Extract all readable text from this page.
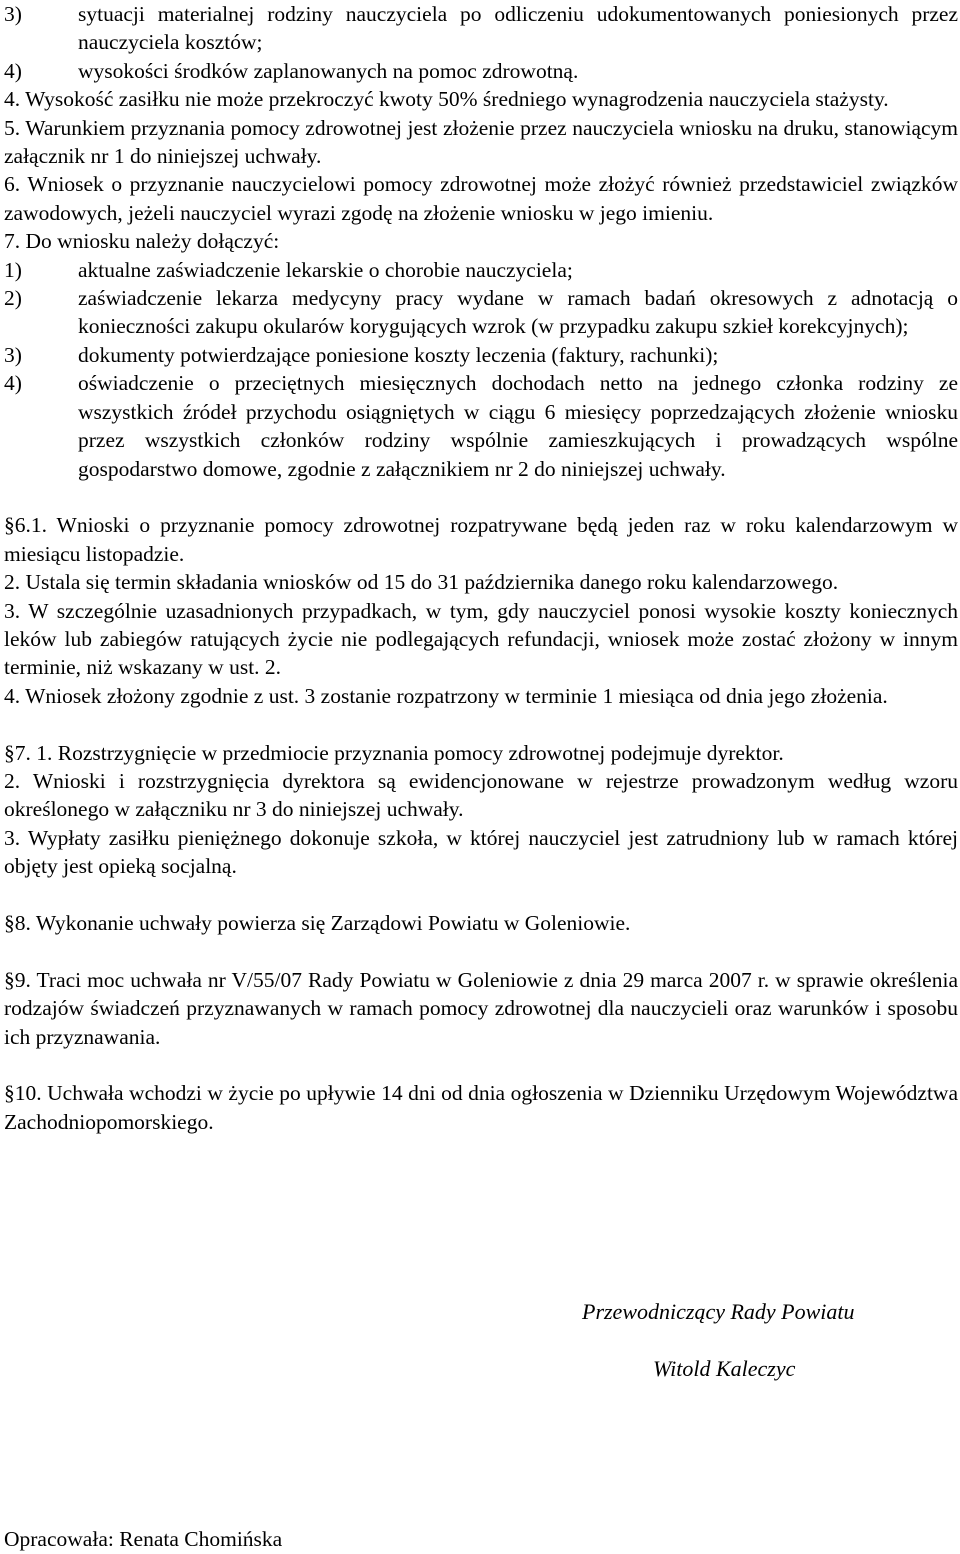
3)	sytuacji materialnej rodziny nauczyciela po odliczeniu udokumentowanych poniesionych przez nauczyciela kosztów;
4)	wysokości środków zaplanowanych na pomoc zdrowotną.

4. Wysokość zasiłku nie może przekroczyć kwoty 50% średniego wynagrodzenia nauczyciela stażysty.

5. Warunkiem przyznania pomocy zdrowotnej jest złożenie przez nauczyciela wniosku na druku, stanowiącym załącznik nr 1 do niniejszej uchwały.

6. Wniosek o przyznanie nauczycielowi pomocy zdrowotnej może złożyć również przedstawiciel związków zawodowych, jeżeli nauczyciel wyrazi zgodę na złożenie wniosku w jego imieniu.

7. Do wniosku należy dołączyć:

1)	aktualne zaświadczenie lekarskie o chorobie nauczyciela;
2)	zaświadczenie lekarza medycyny pracy wydane w ramach badań okresowych z adnotacją o konieczności zakupu okularów korygujących wzrok (w przypadku zakupu szkieł korekcyjnych);
3)	dokumenty potwierdzające poniesione koszty leczenia (faktury, rachunki);
4)	oświadczenie o przeciętnych miesięcznych dochodach netto na jednego członka rodziny ze wszystkich źródeł przychodu osiągniętych w ciągu 6 miesięcy poprzedzających złożenie wniosku przez wszystkich członków rodziny wspólnie zamieszkujących i prowadzących wspólne gospodarstwo domowe, zgodnie z załącznikiem nr 2 do niniejszej uchwały.

§6.1. Wnioski o przyznanie pomocy zdrowotnej rozpatrywane będą jeden raz w roku kalendarzowym w miesiącu listopadzie.

2. Ustala się termin składania wniosków od 15 do 31 października danego roku kalendarzowego.

3. W szczególnie uzasadnionych przypadkach, w tym, gdy nauczyciel ponosi wysokie koszty koniecznych leków lub zabiegów ratujących życie nie podlegających refundacji, wniosek może zostać złożony w innym terminie, niż wskazany w ust. 2.

4. Wniosek złożony zgodnie z ust. 3 zostanie rozpatrzony w terminie 1 miesiąca od dnia jego złożenia.

§7. 1. Rozstrzygnięcie w przedmiocie przyznania pomocy zdrowotnej podejmuje dyrektor.

2. Wnioski i rozstrzygnięcia dyrektora są ewidencjonowane w rejestrze prowadzonym według wzoru określonego w załączniku nr 3 do niniejszej uchwały.

3. Wypłaty zasiłku pieniężnego dokonuje szkoła, w której nauczyciel jest zatrudniony lub w ramach której objęty jest opieką socjalną.

§8. Wykonanie uchwały powierza się Zarządowi Powiatu w Goleniowie.

§9. Traci moc uchwała nr V/55/07 Rady Powiatu w Goleniowie z dnia 29 marca 2007 r. w sprawie określenia rodzajów świadczeń przyznawanych w ramach pomocy zdrowotnej dla nauczycieli oraz warunków i sposobu ich przyznawania.

§10. Uchwała wchodzi w życie po upływie 14 dni od dnia ogłoszenia w Dzienniku Urzędowym Województwa Zachodniopomorskiego.

Przewodniczący Rady Powiatu
Witold Kaleczyc
Opracowała: Renata Chomińska
